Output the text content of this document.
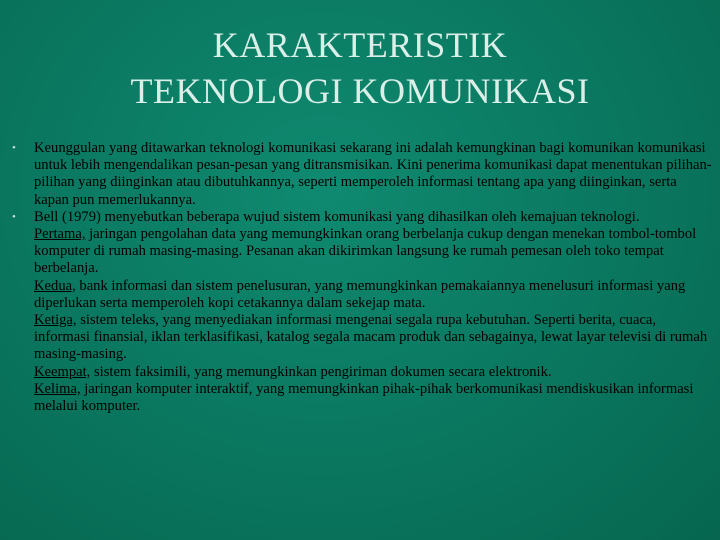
KARAKTERISTIK
TEKNOLOGI KOMUNIKASI
•	Keunggulan yang ditawarkan teknologi komunikasi sekarang ini adalah kemungkinan bagi komunikan komunikasi untuk lebih mengendalikan pesan-pesan yang ditransmisikan. Kini penerima komunikasi dapat menentukan pilihan-pilihan yang diinginkan atau dibutuhkannya, seperti memperoleh informasi tentang apa yang diinginkan, serta kapan pun memerlukannya.

•	Bell (1979) menyebutkan beberapa wujud sistem komunikasi yang dihasilkan oleh kemajuan teknologi.

Pertama, jaringan pengolahan data yang memungkinkan orang berbelanja cukup dengan menekan tombol-tombol komputer di rumah masing-masing. Pesanan akan dikirimkan langsung ke rumah pemesan oleh toko tempat berbelanja.

Kedua, bank informasi dan sistem penelusuran, yang memungkinkan pemakaiannya menelusuri informasi yang diperlukan serta memperoleh kopi cetakannya dalam sekejap mata.

Ketiga, sistem teleks, yang menyediakan informasi mengenai segala rupa kebutuhan. Seperti berita, cuaca, informasi finansial, iklan terklasifikasi, katalog segala macam produk dan sebagainya, lewat layar televisi di rumah masing-masing.

Keempat, sistem faksimili, yang memungkinkan pengiriman dokumen secara elektronik.

Kelima, jaringan komputer interaktif, yang memungkinkan pihak-pihak berkomunikasi mendiskusikan informasi melalui komputer.
